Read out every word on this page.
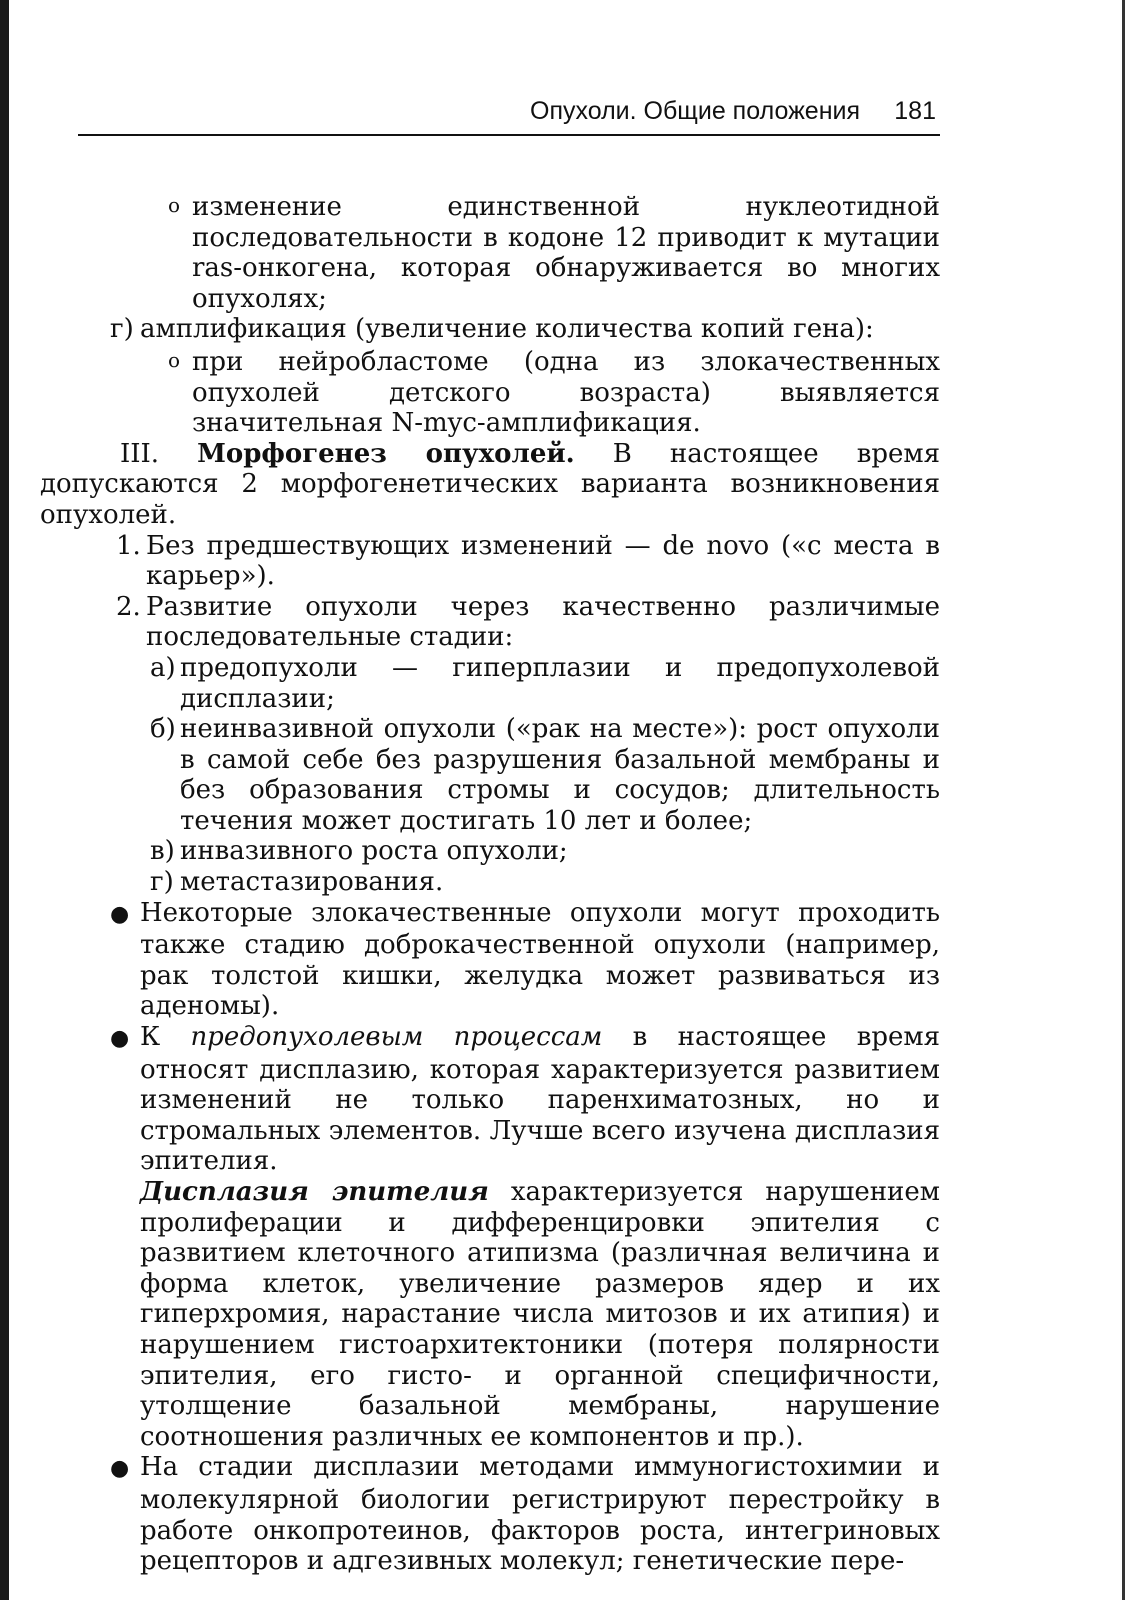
Опухоли. Общие положения 181
o изменение единственной нуклеотидной последовательности в кодоне 12 приводит к мутации ras-онкогена, которая обнаруживается во многих опухолях;
г) амплификация (увеличение количества копий гена):
o при нейробластоме (одна из злокачественных опухолей детского возраста) выявляется значительная N-myc-амплификация.
III. Морфогенез опухолей. В настоящее время допускаются 2 морфогенетических варианта возникновения опухолей.
1. Без предшествующих изменений — de novo («с места в карьер»).
2. Развитие опухоли через качественно различимые последовательные стадии:
а) предопухоли — гиперплазии и предопухолевой дисплазии;
б) неинвазивной опухоли («рак на месте»): рост опухоли в самой себе без разрушения базальной мембраны и без образования стромы и сосудов; длительность течения может достигать 10 лет и более;
в) инвазивного роста опухоли;
г) метастазирования.
● Некоторые злокачественные опухоли могут проходить также стадию доброкачественной опухоли (например, рак толстой кишки, желудка может развиваться из аденомы).
● К предопухолевым процессам в настоящее время относят дисплазию, которая характеризуется развитием изменений не только паренхиматозных, но и стромальных элементов. Лучше всего изучена дисплазия эпителия.
Дисплазия эпителия характеризуется нарушением пролиферации и дифференцировки эпителия с развитием клеточного атипизма (различная величина и форма клеток, увеличение размеров ядер и их гиперхромия, нарастание числа митозов и их атипия) и нарушением гистоархитектоники (потеря полярности эпителия, его гисто- и органной специфичности, утолщение базальной мембраны, нарушение соотношения различных ее компонентов и пр.).
● На стадии дисплазии методами иммуногистохимии и молекулярной биологии регистрируют перестройку в работе онкопротеинов, факторов роста, интегриновых рецепторов и адгезивных молекул; генетические пере-
